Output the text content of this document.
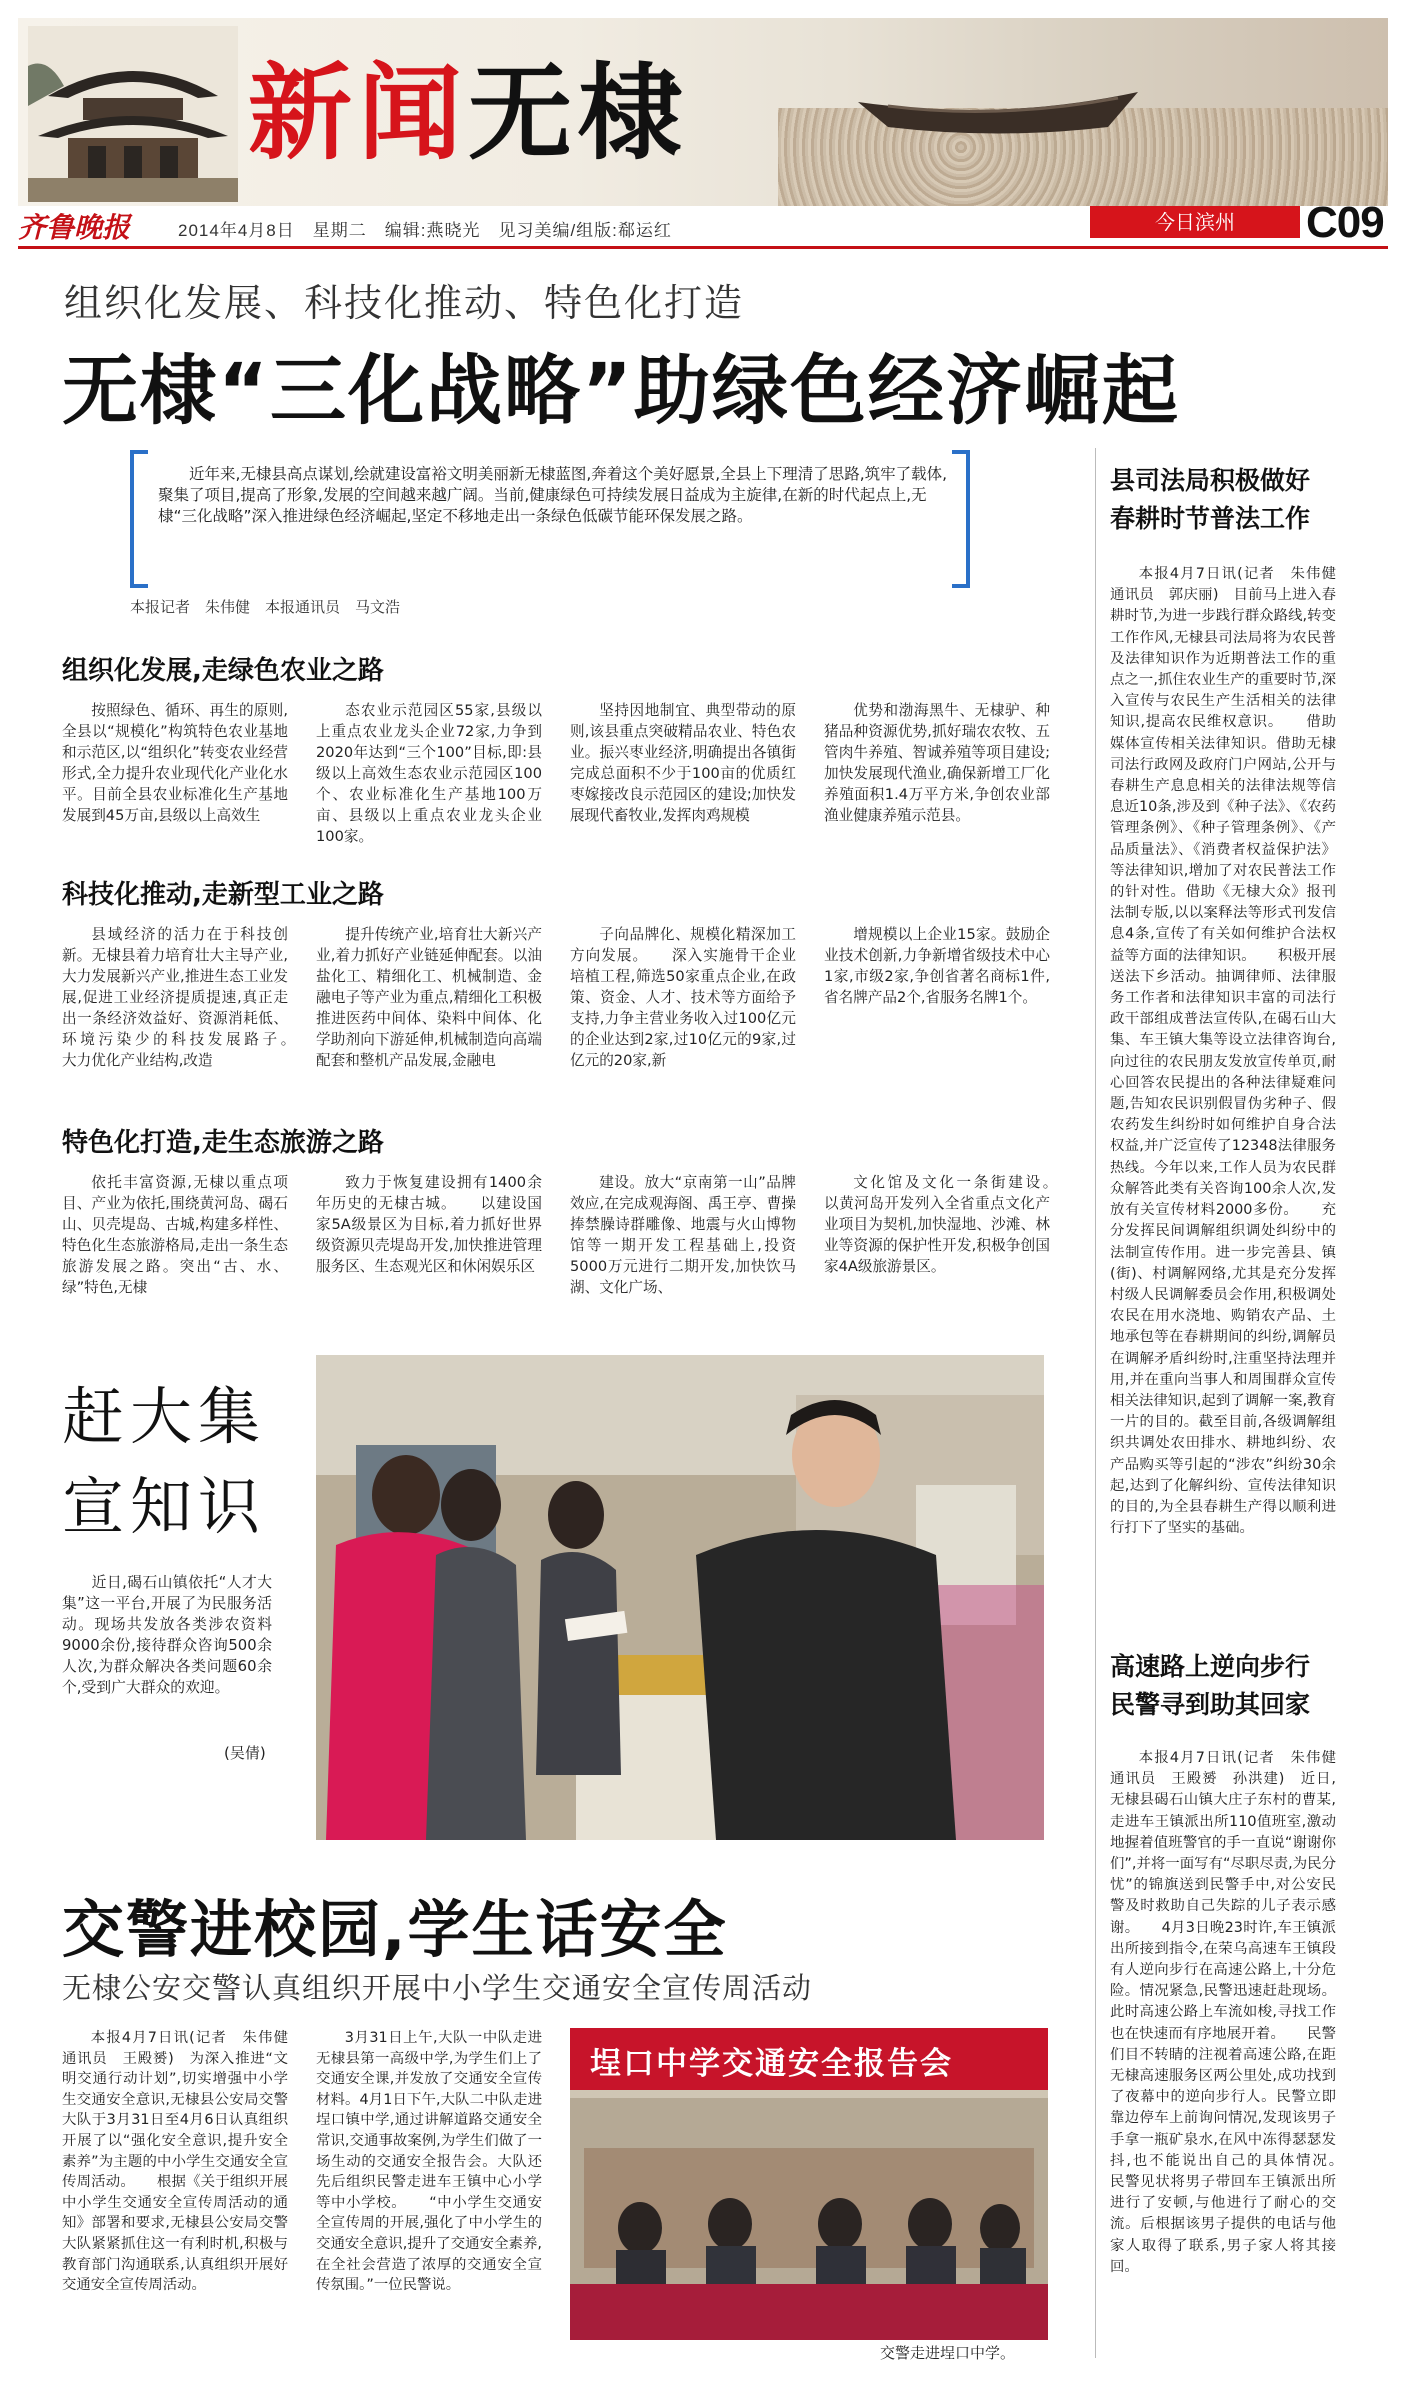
新闻无棣
齐鲁晚报	2014年4月8日　星期二　编辑:燕晓光　见习美编/组版:郗运红	今日滨州	C09
组织化发展、科技化推动、特色化打造
无棣“三化战略”助绿色经济崛起
近年来,无棣县高点谋划,绘就建设富裕文明美丽新无棣蓝图,奔着这个美好愿景,全县上下理清了思路,筑牢了载体,聚集了项目,提高了形象,发展的空间越来越广阔。当前,健康绿色可持续发展日益成为主旋律,在新的时代起点上,无棣“三化战略”深入推进绿色经济崛起,坚定不移地走出一条绿色低碳节能环保发展之路。
本报记者　朱伟健　本报通讯员　马文浩
组织化发展,走绿色农业之路
按照绿色、循环、再生的原则,全县以“规模化”构筑特色农业基地和示范区,以“组织化”转变农业经营形式,全力提升农业现代化产业化水平。目前全县农业标准化生产基地发展到45万亩,县级以上高效生
态农业示范园区55家,县级以上重点农业龙头企业72家,力争到2020年达到“三个100”目标,即:县级以上高效生态农业示范园区100个、农业标准化生产基地100万亩、县级以上重点农业龙头企业100家。
坚持因地制宜、典型带动的原则,该县重点突破精品农业、特色农业。振兴枣业经济,明确提出各镇街完成总面积不少于100亩的优质红枣嫁接改良示范园区的建设;加快发展现代畜牧业,发挥肉鸡规模
优势和渤海黑牛、无棣驴、种猪品种资源优势,抓好瑞农农牧、五管肉牛养殖、智诚养殖等项目建设;加快发展现代渔业,确保新增工厂化养殖面积1.4万平方米,争创农业部渔业健康养殖示范县。
科技化推动,走新型工业之路
县域经济的活力在于科技创新。无棣县着力培育壮大主导产业,大力发展新兴产业,推进生态工业发展,促进工业经济提质提速,真正走出一条经济效益好、资源消耗低、环境污染少的科技发展路子。　　大力优化产业结构,改造
提升传统产业,培育壮大新兴产业,着力抓好产业链延伸配套。以油盐化工、精细化工、机械制造、金融电子等产业为重点,精细化工积极推进医药中间体、染料中间体、化学助剂向下游延伸,机械制造向高端配套和整机产品发展,金融电
子向品牌化、规模化精深加工方向发展。　　深入实施骨干企业培植工程,筛选50家重点企业,在政策、资金、人才、技术等方面给予支持,力争主营业务收入过100亿元的企业达到2家,过10亿元的9家,过亿元的20家,新
增规模以上企业15家。鼓励企业技术创新,力争新增省级技术中心1家,市级2家,争创省著名商标1件,省名牌产品2个,省服务名牌1个。
特色化打造,走生态旅游之路
依托丰富资源,无棣以重点项目、产业为依托,围绕黄河岛、碣石山、贝壳堤岛、古城,构建多样性、特色化生态旅游格局,走出一条生态旅游发展之路。突出“古、水、绿”特色,无棣
致力于恢复建设拥有1400余年历史的无棣古城。　　以建设国家5A级景区为目标,着力抓好世界级资源贝壳堤岛开发,加快推进管理服务区、生态观光区和休闲娱乐区
建设。放大“京南第一山”品牌效应,在完成观海阁、禹王亭、曹操捧禁臊诗群雕像、地震与火山博物馆等一期开发工程基础上,投资5000万元进行二期开发,加快饮马湖、文化广场、
文化馆及文化一条街建设。　　以黄河岛开发列入全省重点文化产业项目为契机,加快湿地、沙滩、林业等资源的保护性开发,积极争创国家4A级旅游景区。
县司法局积极做好
春耕时节普法工作
本报4月7日讯(记者　朱伟健　通讯员　郭庆丽)　目前马上进入春耕时节,为进一步践行群众路线,转变工作作风,无棣县司法局将为农民普及法律知识作为近期普法工作的重点之一,抓住农业生产的重要时节,深入宣传与农民生产生活相关的法律知识,提高农民维权意识。　　借助媒体宣传相关法律知识。借助无棣司法行政网及政府门户网站,公开与春耕生产息息相关的法律法规等信息近10条,涉及到《种子法》、《农药管理条例》、《种子管理条例》、《产品质量法》、《消费者权益保护法》等法律知识,增加了对农民普法工作的针对性。借助《无棣大众》报刊法制专版,以以案释法等形式刊发信息4条,宣传了有关如何维护合法权益等方面的法律知识。　　积极开展送法下乡活动。抽调律师、法律服务工作者和法律知识丰富的司法行政干部组成普法宣传队,在碣石山大集、车王镇大集等设立法律咨询台,向过往的农民朋友发放宣传单页,耐心回答农民提出的各种法律疑难问题,告知农民识别假冒伪劣种子、假农药发生纠纷时如何维护自身合法权益,并广泛宣传了12348法律服务热线。今年以来,工作人员为农民群众解答此类有关咨询100余人次,发放有关宣传材料2000多份。　　充分发挥民间调解组织调处纠纷中的法制宣传作用。进一步完善县、镇(街)、村调解网络,尤其是充分发挥村级人民调解委员会作用,积极调处农民在用水浇地、购销农产品、土地承包等在春耕期间的纠纷,调解员在调解矛盾纠纷时,注重坚持法理并用,并在重向当事人和周围群众宣传相关法律知识,起到了调解一案,教育一片的目的。截至目前,各级调解组织共调处农田排水、耕地纠纷、农产品购买等引起的“涉农”纠纷30余起,达到了化解纠纷、宣传法律知识的目的,为全县春耕生产得以顺利进行打下了坚实的基础。
高速路上逆向步行
民警寻到助其回家
本报4月7日讯(记者　朱伟健　通讯员　王殿赟　孙洪建)　近日,无棣县碣石山镇大庄子东村的曹某,走进车王镇派出所110值班室,激动地握着值班警官的手一直说“谢谢你们”,并将一面写有“尽职尽责,为民分忧”的锦旗送到民警手中,对公安民警及时救助自己失踪的儿子表示感谢。　　4月3日晚23时许,车王镇派出所接到指令,在荣乌高速车王镇段有人逆向步行在高速公路上,十分危险。情况紧急,民警迅速赶赴现场。此时高速公路上车流如梭,寻找工作也在快速而有序地展开着。　　民警们目不转睛的注视着高速公路,在距无棣高速服务区两公里处,成功找到了夜幕中的逆向步行人。民警立即靠边停车上前询问情况,发现该男子手拿一瓶矿泉水,在风中冻得瑟瑟发抖,也不能说出自己的具体情况。　　民警见状将男子带回车王镇派出所进行了安顿,与他进行了耐心的交流。后根据该男子提供的电话与他家人取得了联系,男子家人将其接回。
赶大集
宣知识
近日,碣石山镇依托“人才大集”这一平台,开展了为民服务活动。现场共发放各类涉农资料9000余份,接待群众咨询500余人次,为群众解决各类问题60余个,受到广大群众的欢迎。
(吴倩)
交警进校园,学生话安全
无棣公安交警认真组织开展中小学生交通安全宣传周活动
本报4月7日讯(记者　朱伟健　通讯员　王殿赟)　为深入推进“文明交通行动计划”,切实增强中小学生交通安全意识,无棣县公安局交警大队于3月31日至4月6日认真组织开展了以“强化安全意识,提升安全素养”为主题的中小学生交通安全宣传周活动。　　根据《关于组织开展中小学生交通安全宣传周活动的通知》部署和要求,无棣县公安局交警大队紧紧抓住这一有利时机,积极与教育部门沟通联系,认真组织开展好交通安全宣传周活动。
3月31日上午,大队一中队走进无棣县第一高级中学,为学生们上了交通安全课,并发放了交通安全宣传材料。4月1日下午,大队二中队走进埕口镇中学,通过讲解道路交通安全常识,交通事故案例,为学生们做了一场生动的交通安全报告会。大队还先后组织民警走进车王镇中心小学等中小学校。　　“中小学生交通安全宣传周的开展,强化了中小学生的交通安全意识,提升了交通安全素养,在全社会营造了浓厚的交通安全宣传氛围。”一位民警说。
埕口中学交通安全报告会
交警走进埕口中学。
